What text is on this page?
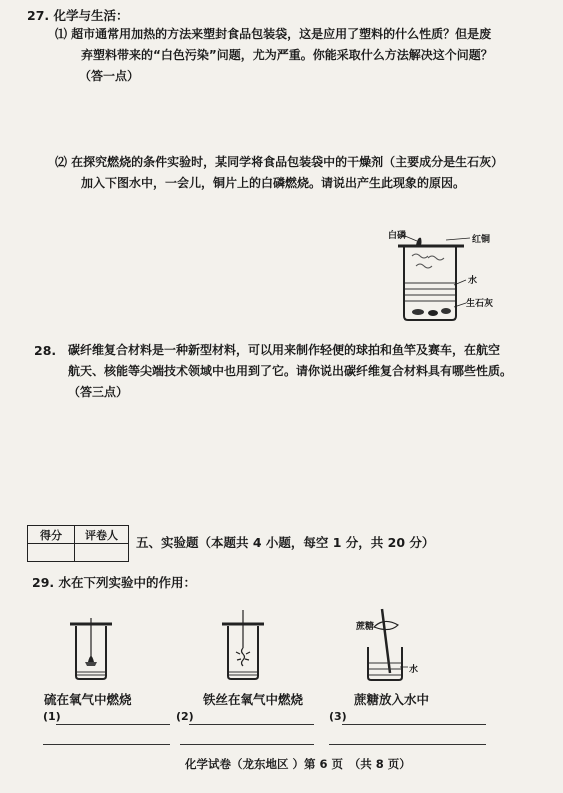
27. 化学与生活：
⑴ 超市通常用加热的方法来塑封食品包装袋，这是应用了塑料的什么性质？但是废
弃塑料带来的“白色污染”问题，尤为严重。你能采取什么方法解决这个问题？
（答一点）
⑵ 在探究燃烧的条件实验时，某同学将食品包装袋中的干燥剂（主要成分是生石灰）
加入下图水中，一会儿，铜片上的白磷燃烧。请说出产生此现象的原因。
白磷	红铜
水
生石灰
28. 碳纤维复合材料是一种新型材料，可以用来制作轻便的球拍和鱼竿及赛车，在航空
航天、核能等尖端技术领域中也用到了它。请你说出碳纤维复合材料具有哪些性质。
（答三点）
得分	评卷人
	五、实验题（本题共 4 小题，每空 1 分，共 20 分）
29. 水在下列实验中的作用：
蔗糖
水
硫在氧气中燃烧	铁丝在氧气中燃烧	蔗糖放入水中
(1)	(2)	(3)
化学试卷（龙东地区 ）第 6 页　（共 8 页）
